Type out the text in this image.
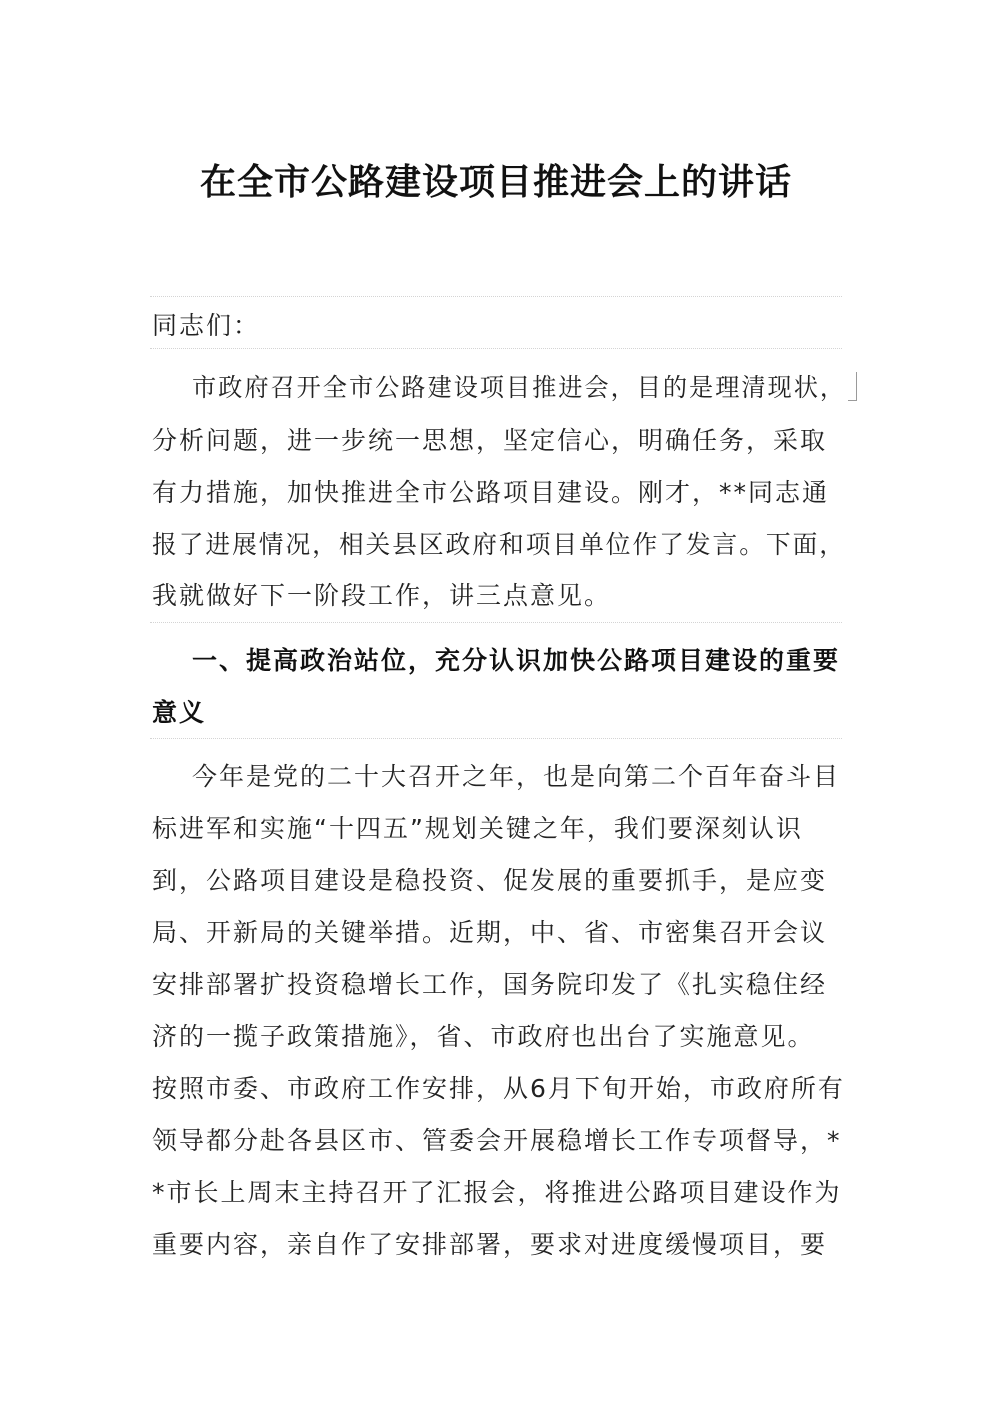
在全市公路建设项目推进会上的讲话
同志们：
市政府召开全市公路建设项目推进会，目的是理清现状，
分析问题，进一步统一思想，坚定信心，明确任务，采取
有力措施，加快推进全市公路项目建设。刚才，**同志通
报了进展情况，相关县区政府和项目单位作了发言。下面，
我就做好下一阶段工作，讲三点意见。
一、提高政治站位，充分认识加快公路项目建设的重要
意义
今年是党的二十大召开之年，也是向第二个百年奋斗目
标进军和实施“十四五”规划关键之年，我们要深刻认识
到，公路项目建设是稳投资、促发展的重要抓手，是应变
局、开新局的关键举措。近期，中、省、市密集召开会议
安排部署扩投资稳增长工作，国务院印发了《扎实稳住经
济的一揽子政策措施》，省、市政府也出台了实施意见。
按照市委、市政府工作安排，从6月下旬开始，市政府所有
领导都分赴各县区市、管委会开展稳增长工作专项督导，*
*市长上周末主持召开了汇报会，将推进公路项目建设作为
重要内容，亲自作了安排部署，要求对进度缓慢项目，要
